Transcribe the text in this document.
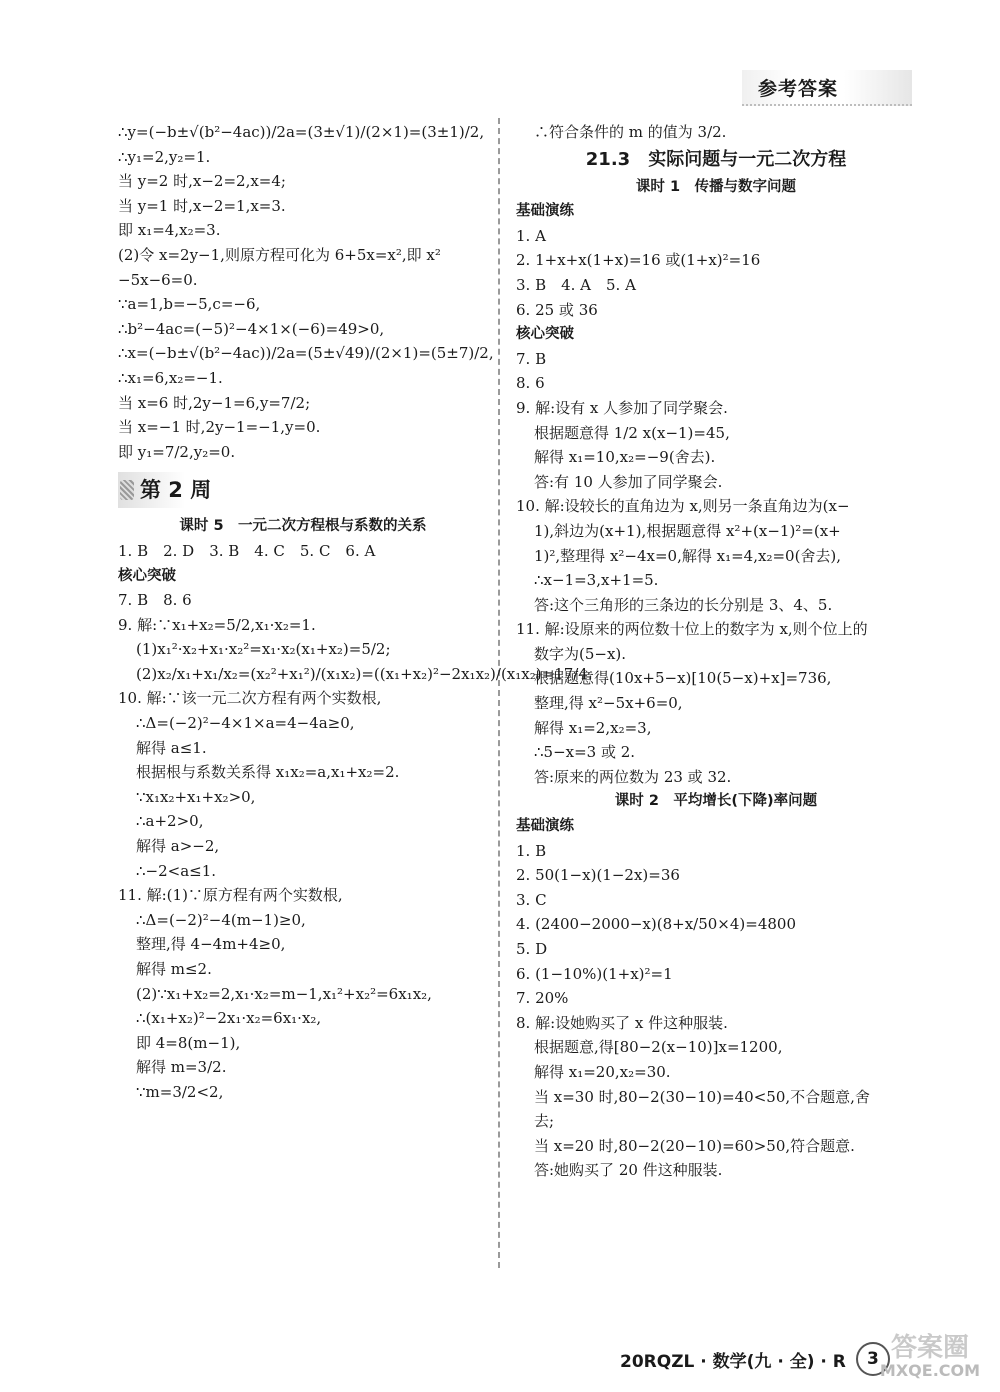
参考答案
∴y=(−b±√(b²−4ac))/2a=(3±√1)/(2×1)=(3±1)/2,
∴y₁=2,y₂=1.
当 y=2 时,x−2=2,x=4;
当 y=1 时,x−2=1,x=3.
即 x₁=4,x₂=3.
(2)令 x=2y−1,则原方程可化为 6+5x=x²,即 x²
−5x−6=0.
∵a=1,b=−5,c=−6,
∴b²−4ac=(−5)²−4×1×(−6)=49>0,
∴x=(−b±√(b²−4ac))/2a=(5±√49)/(2×1)=(5±7)/2,
∴x₁=6,x₂=−1.
当 x=6 时,2y−1=6,y=7/2;
当 x=−1 时,2y−1=−1,y=0.
即 y₁=7/2,y₂=0.
第 2 周
课时 5　一元二次方程根与系数的关系
1. B　2. D　3. B　4. C　5. C　6. A
核心突破
7. B　8. 6
9. 解:∵x₁+x₂=5/2,x₁·x₂=1.
(1)x₁²·x₂+x₁·x₂²=x₁·x₂(x₁+x₂)=5/2;
(2)x₂/x₁+x₁/x₂=(x₂²+x₁²)/(x₁x₂)=((x₁+x₂)²−2x₁x₂)/(x₁x₂)=17/4.
10. 解:∵该一元二次方程有两个实数根,
∴Δ=(−2)²−4×1×a=4−4a≥0,
解得 a≤1.
根据根与系数关系得 x₁x₂=a,x₁+x₂=2.
∵x₁x₂+x₁+x₂>0,
∴a+2>0,
解得 a>−2,
∴−2<a≤1.
11. 解:(1)∵原方程有两个实数根,
∴Δ=(−2)²−4(m−1)≥0,
整理,得 4−4m+4≥0,
解得 m≤2.
(2)∵x₁+x₂=2,x₁·x₂=m−1,x₁²+x₂²=6x₁x₂,
∴(x₁+x₂)²−2x₁·x₂=6x₁·x₂,
即 4=8(m−1),
解得 m=3/2.
∵m=3/2<2,
∴符合条件的 m 的值为 3/2.
21.3　实际问题与一元二次方程
课时 1　传播与数字问题
基础演练
1. A
2. 1+x+x(1+x)=16 或(1+x)²=16
3. B　4. A　5. A
6. 25 或 36
核心突破
7. B
8. 6
9. 解:设有 x 人参加了同学聚会.
根据题意得 1/2 x(x−1)=45,
解得 x₁=10,x₂=−9(舍去).
答:有 10 人参加了同学聚会.
10. 解:设较长的直角边为 x,则另一条直角边为(x−
1),斜边为(x+1),根据题意得 x²+(x−1)²=(x+
1)²,整理得 x²−4x=0,解得 x₁=4,x₂=0(舍去),
∴x−1=3,x+1=5.
答:这个三角形的三条边的长分别是 3、4、5.
11. 解:设原来的两位数十位上的数字为 x,则个位上的
数字为(5−x).
根据题意得(10x+5−x)[10(5−x)+x]=736,
整理,得 x²−5x+6=0,
解得 x₁=2,x₂=3,
∴5−x=3 或 2.
答:原来的两位数为 23 或 32.
课时 2　平均增长(下降)率问题
基础演练
1. B
2. 50(1−x)(1−2x)=36
3. C
4. (2400−2000−x)(8+x/50×4)=4800
5. D
6. (1−10%)(1+x)²=1
7. 20%
8. 解:设她购买了 x 件这种服装.
根据题意,得[80−2(x−10)]x=1200,
解得 x₁=20,x₂=30.
当 x=30 时,80−2(30−10)=40<50,不合题意,舍
去;
当 x=20 时,80−2(20−10)=60>50,符合题意.
答:她购买了 20 件这种服装.
20RQZL · 数学(九 · 全) · R	3 答案圈
MXQE.COM
